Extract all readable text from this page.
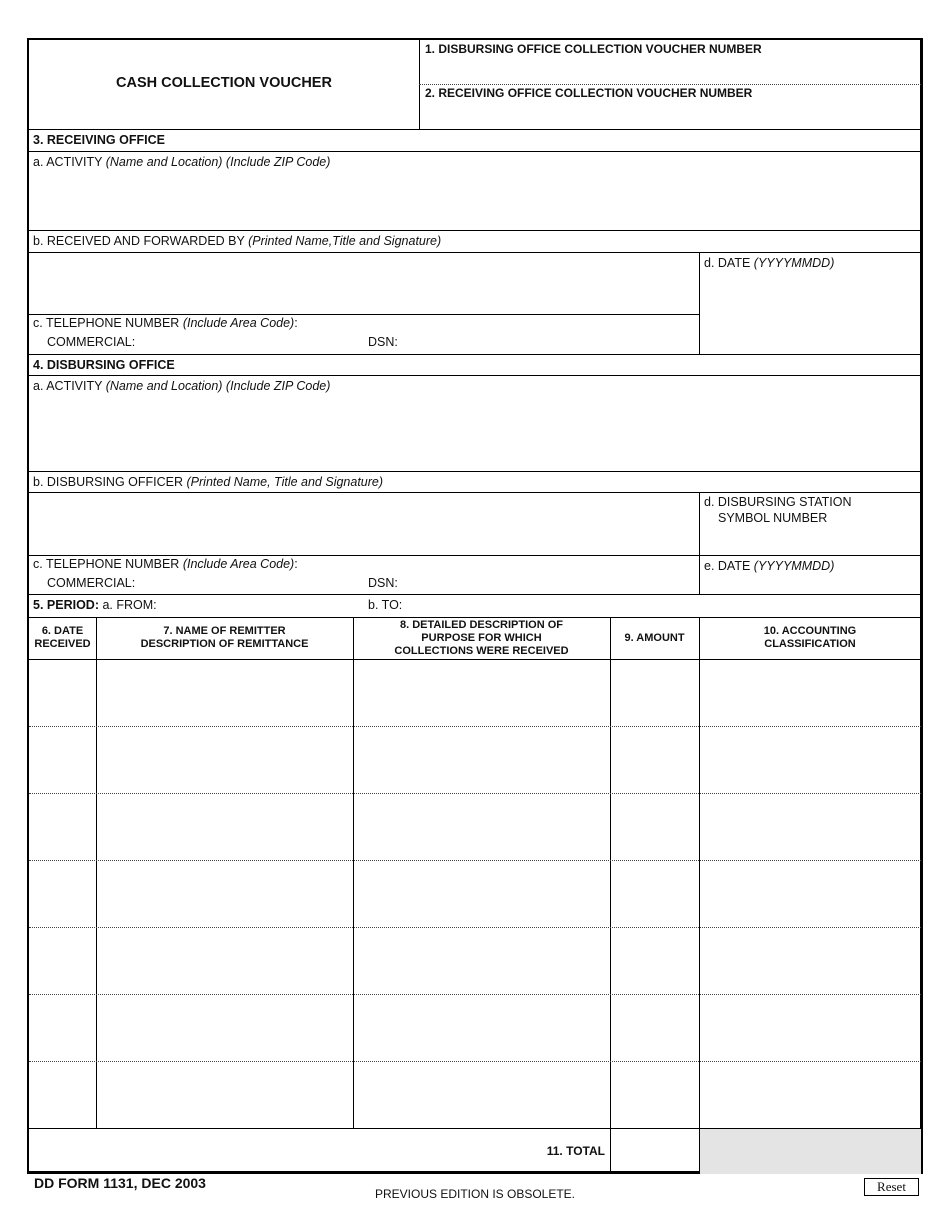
CASH COLLECTION VOUCHER
1. DISBURSING OFFICE COLLECTION VOUCHER NUMBER
2. RECEIVING OFFICE COLLECTION VOUCHER NUMBER
3. RECEIVING OFFICE
a. ACTIVITY (Name and Location) (Include ZIP Code)
b. RECEIVED AND FORWARDED BY (Printed Name,Title and Signature)
d. DATE (YYYYMMDD)
c. TELEPHONE NUMBER (Include Area Code):
COMMERCIAL:	DSN:
4. DISBURSING OFFICE
a. ACTIVITY (Name and Location) (Include ZIP Code)
b. DISBURSING OFFICER (Printed Name, Title and Signature)
d. DISBURSING STATION
SYMBOL NUMBER
c. TELEPHONE NUMBER (Include Area Code):	e. DATE (YYYYMMDD)
COMMERCIAL:	DSN:
5. PERIOD: a. FROM:	b. TO:
6. DATE
RECEIVED
7. NAME OF REMITTER
DESCRIPTION OF REMITTANCE
8. DETAILED DESCRIPTION OF
PURPOSE FOR WHICH
COLLECTIONS WERE RECEIVED
9. AMOUNT
10. ACCOUNTING
CLASSIFICATION
11. TOTAL
DD FORM 1131, DEC 2003
PREVIOUS EDITION IS OBSOLETE.	Reset
